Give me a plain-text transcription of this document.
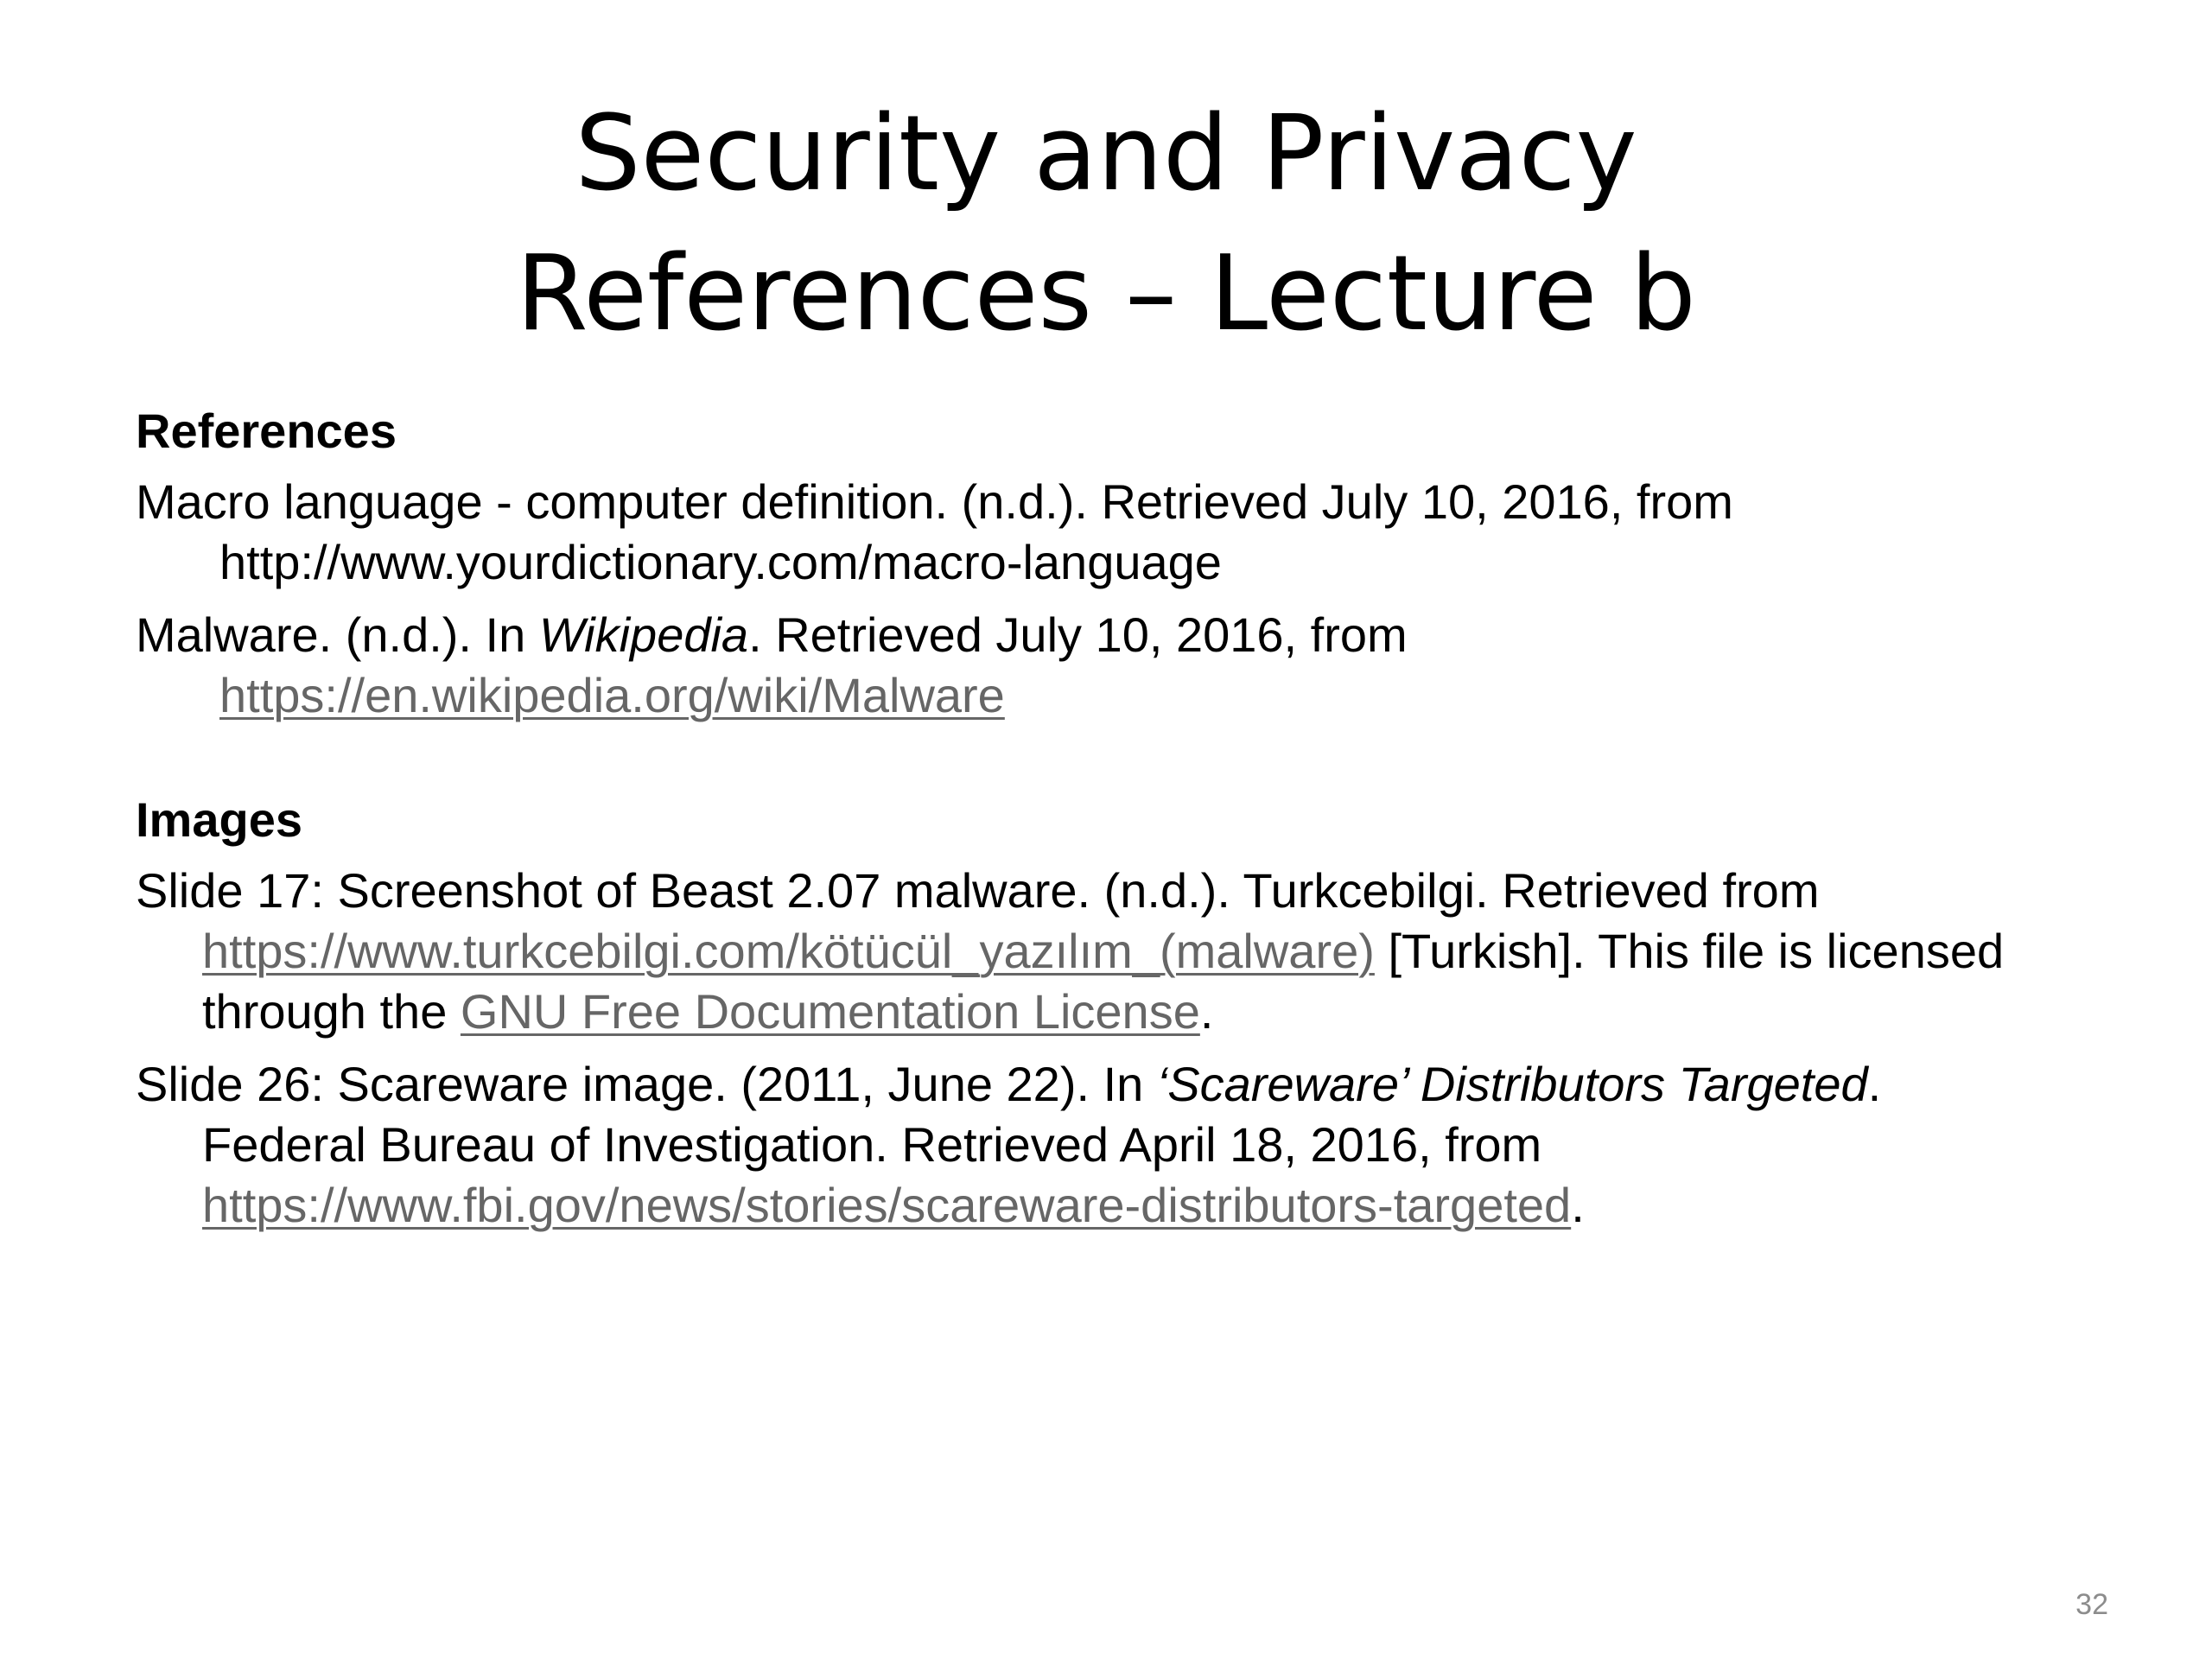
Security and Privacy
References – Lecture b
References
Macro language - computer definition. (n.d.). Retrieved July 10, 2016, from
http://www.yourdictionary.com/macro-language
Malware. (n.d.). In Wikipedia. Retrieved July 10, 2016, from
https://en.wikipedia.org/wiki/Malware
Images
Slide 17: Screenshot of Beast 2.07 malware. (n.d.). Turkcebilgi. Retrieved from
https://www.turkcebilgi.com/kötücül_yazılım_(malware) [Turkish]. This file is licensed
through the GNU Free Documentation License.
Slide 26: Scareware image. (2011, June 22). In ‘Scareware’ Distributors Targeted.
Federal Bureau of Investigation. Retrieved April 18, 2016, from
https://www.fbi.gov/news/stories/scareware-distributors-targeted.
32
